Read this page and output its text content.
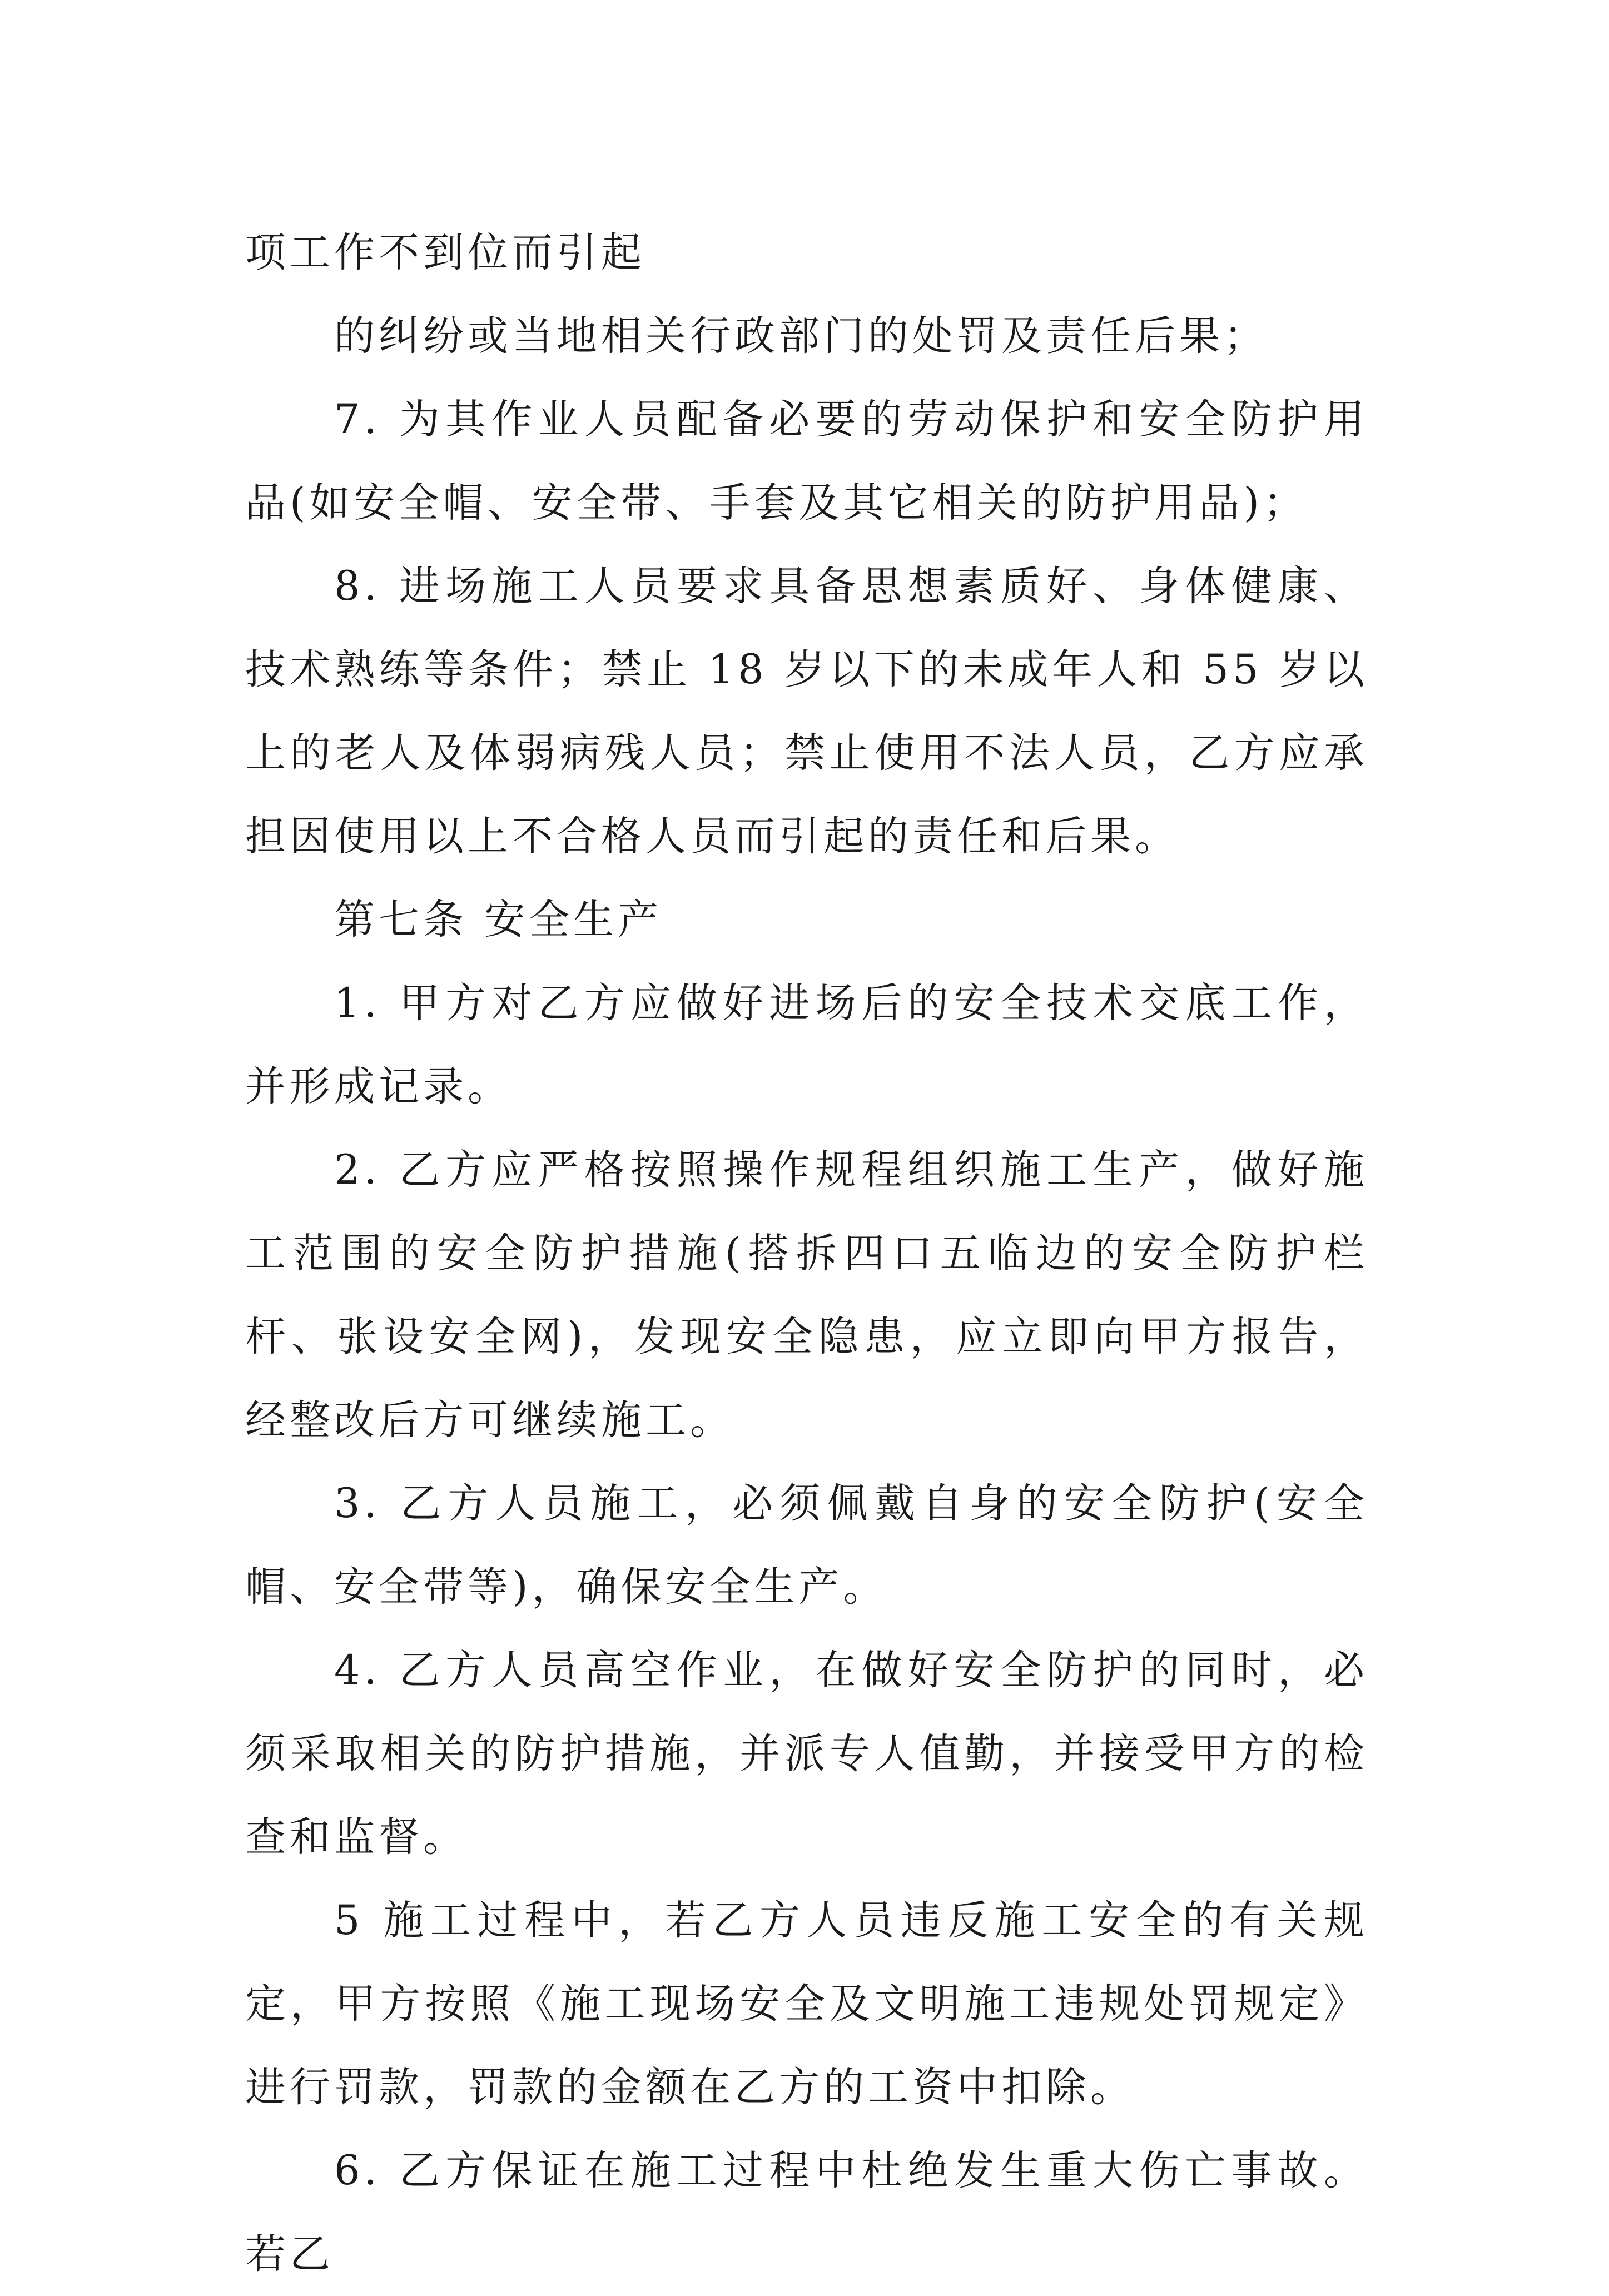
项工作不到位而引起

的纠纷或当地相关行政部门的处罚及责任后果；

7. 为其作业人员配备必要的劳动保护和安全防护用品(如安全帽、安全带、手套及其它相关的防护用品)；

8. 进场施工人员要求具备思想素质好、身体健康、技术熟练等条件；禁止 18 岁以下的未成年人和 55 岁以上的老人及体弱病残人员；禁止使用不法人员，乙方应承担因使用以上不合格人员而引起的责任和后果。

第七条 安全生产

1. 甲方对乙方应做好进场后的安全技术交底工作，并形成记录。

2. 乙方应严格按照操作规程组织施工生产，做好施工范围的安全防护措施(搭拆四口五临边的安全防护栏杆、张设安全网)，发现安全隐患，应立即向甲方报告，经整改后方可继续施工。

3. 乙方人员施工，必须佩戴自身的安全防护(安全帽、安全带等)，确保安全生产。

4. 乙方人员高空作业，在做好安全防护的同时，必须采取相关的防护措施，并派专人值勤，并接受甲方的检查和监督。

5 施工过程中，若乙方人员违反施工安全的有关规定，甲方按照《施工现场安全及文明施工违规处罚规定》进行罚款，罚款的金额在乙方的工资中扣除。

6. 乙方保证在施工过程中杜绝发生重大伤亡事故。若乙
